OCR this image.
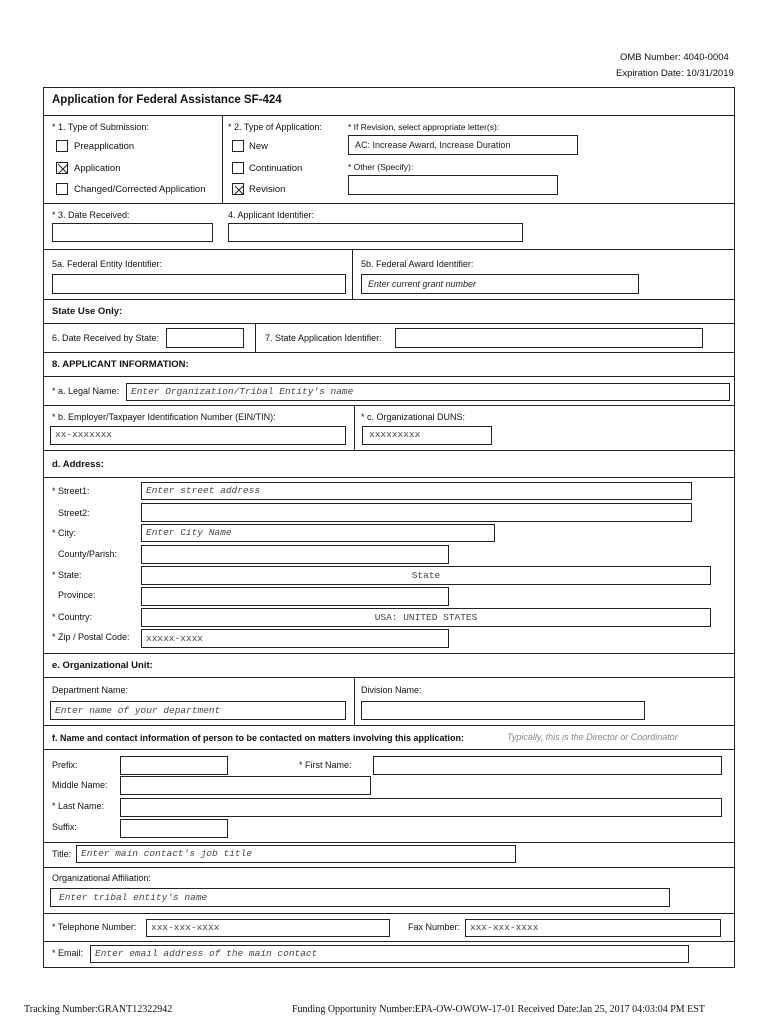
OMB Number: 4040-0004
Expiration Date: 10/31/2019
Application for Federal Assistance SF-424
* 1. Type of Submission:
Preapplication
Application
Changed/Corrected Application
* 2. Type of Application:
New
Continuation
Revision
* If Revision, select appropriate letter(s):
AC: Increase Award, Increase Duration
* Other (Specify):
* 3. Date Received:	4. Applicant Identifier:
5a. Federal Entity Identifier:	5b. Federal Award Identifier:
Enter current grant number
State Use Only:
6. Date Received by State:	7. State Application Identifier:
8. APPLICANT INFORMATION:
* a. Legal Name:	Enter Organization/Tribal Entity's name
* b. Employer/Taxpayer Identification Number (EIN/TIN):
xx-xxxxxxx
* c. Organizational DUNS:
xxxxxxxxx
d. Address:
* Street1:	Enter street address
Street2:
* City:	Enter City Name
County/Parish:
* State:	State
Province:
* Country:	USA: UNITED STATES
* Zip / Postal Code:	xxxxx-xxxx
e. Organizational Unit:
Department Name:
Enter name of your department
Division Name:
f. Name and contact information of person to be contacted on matters involving this application:	Typically, this is the Director or Coordinator
Prefix:	* First Name:
Middle Name:
* Last Name:
Suffix:
Title:	Enter main contact's job title
Organizational Affiliation:
Enter tribal entity's name
* Telephone Number:	xxx-xxx-xxxx	Fax Number:	xxx-xxx-xxxx
* Email:	Enter email address of the main contact
Tracking Number:GRANT12322942	Funding Opportunity Number:EPA-OW-OWOW-17-01 Received Date:Jan 25, 2017 04:03:04 PM EST
